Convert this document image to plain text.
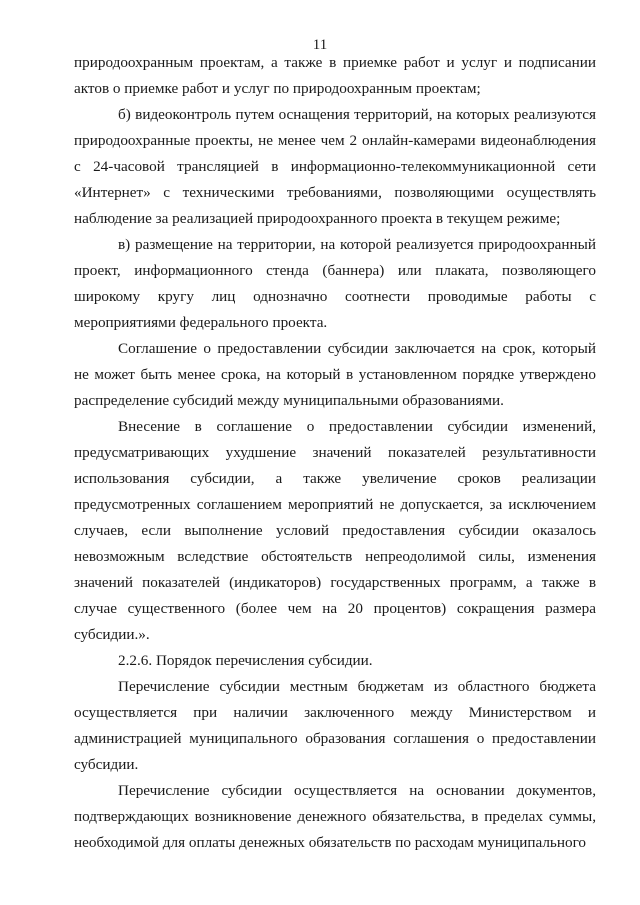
11

природоохранным проектам, а также в приемке работ и услуг и подписании актов о приемке работ и услуг по природоохранным проектам;

б) видеоконтроль путем оснащения территорий, на которых реализуются природоохранные проекты, не менее чем 2 онлайн-камерами видеонаблюдения с 24-часовой трансляцией в информационно-телекоммуникационной сети «Интернет» с техническими требованиями, позволяющими осуществлять наблюдение за реализацией природоохранного проекта в текущем режиме;

в) размещение на территории, на которой реализуется природоохранный проект, информационного стенда (баннера) или плаката, позволяющего широкому кругу лиц однозначно соотнести проводимые работы с мероприятиями федерального проекта.

Соглашение о предоставлении субсидии заключается на срок, который не может быть менее срока, на который в установленном порядке утверждено распределение субсидий между муниципальными образованиями.

Внесение в соглашение о предоставлении субсидии изменений, предусматривающих ухудшение значений показателей результативности использования субсидии, а также увеличение сроков реализации предусмотренных соглашением мероприятий не допускается, за исключением случаев, если выполнение условий предоставления субсидии оказалось невозможным вследствие обстоятельств непреодолимой силы, изменения значений показателей (индикаторов) государственных программ, а также в случае существенного (более чем на 20 процентов) сокращения размера субсидии.».

2.2.6. Порядок перечисления субсидии.

Перечисление субсидии местным бюджетам из областного бюджета осуществляется при наличии заключенного между Министерством и администрацией муниципального образования соглашения о предоставлении субсидии.

Перечисление субсидии осуществляется на основании документов, подтверждающих возникновение денежного обязательства, в пределах суммы, необходимой для оплаты денежных обязательств по расходам муниципального
